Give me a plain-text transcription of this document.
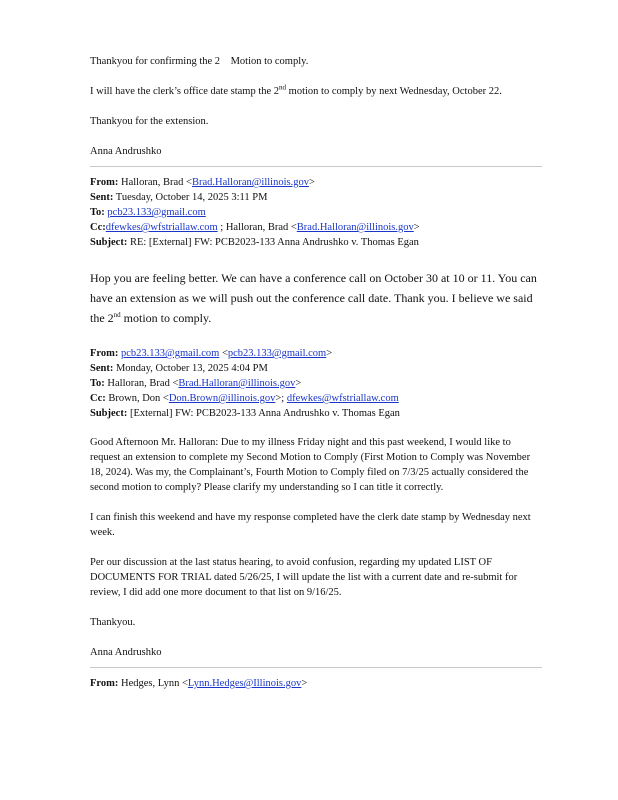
Thankyou for confirming the 2 Motion to comply.

I will have the clerk’s office date stamp the 2nd motion to comply by next Wednesday, October 22.

Thankyou for the extension.

Anna Andrushko

From: Halloran, Brad <Brad.Halloran@illinois.gov>

Sent: Tuesday, October 14, 2025 3:11 PM

To: pcb23.133@gmail.com

Cc:dfewkes@wfstriallaw.com ; Halloran, Brad <Brad.Halloran@illinois.gov>

Subject: RE: [External] FW: PCB2023-133 Anna Andrushko v. Thomas Egan

Hop you are feeling better. We can have a conference call on October 30 at 10 or 11. You can have an extension as we will push out the conference call date. Thank you. I believe we said the 2nd motion to comply.

From: pcb23.133@gmail.com <pcb23.133@gmail.com>

Sent: Monday, October 13, 2025 4:04 PM

To: Halloran, Brad <Brad.Halloran@illinois.gov>

Cc: Brown, Don <Don.Brown@illinois.gov>; dfewkes@wfstriallaw.com

Subject: [External] FW: PCB2023-133 Anna Andrushko v. Thomas Egan

Good Afternoon Mr. Halloran: Due to my illness Friday night and this past weekend, I would like to request an extension to complete my Second Motion to Comply (First Motion to Comply was November 18, 2024). Was my, the Complainant’s, Fourth Motion to Comply filed on 7/3/25 actually considered the second motion to comply? Please clarify my understanding so I can title it correctly.

I can finish this weekend and have my response completed have the clerk date stamp by Wednesday next week.

Per our discussion at the last status hearing, to avoid confusion, regarding my updated LIST OF DOCUMENTS FOR TRIAL dated 5/26/25, I will update the list with a current date and re-submit for review, I did add one more document to that list on 9/16/25.

Thankyou.

Anna Andrushko

From: Hedges, Lynn <Lynn.Hedges@Illinois.gov>
